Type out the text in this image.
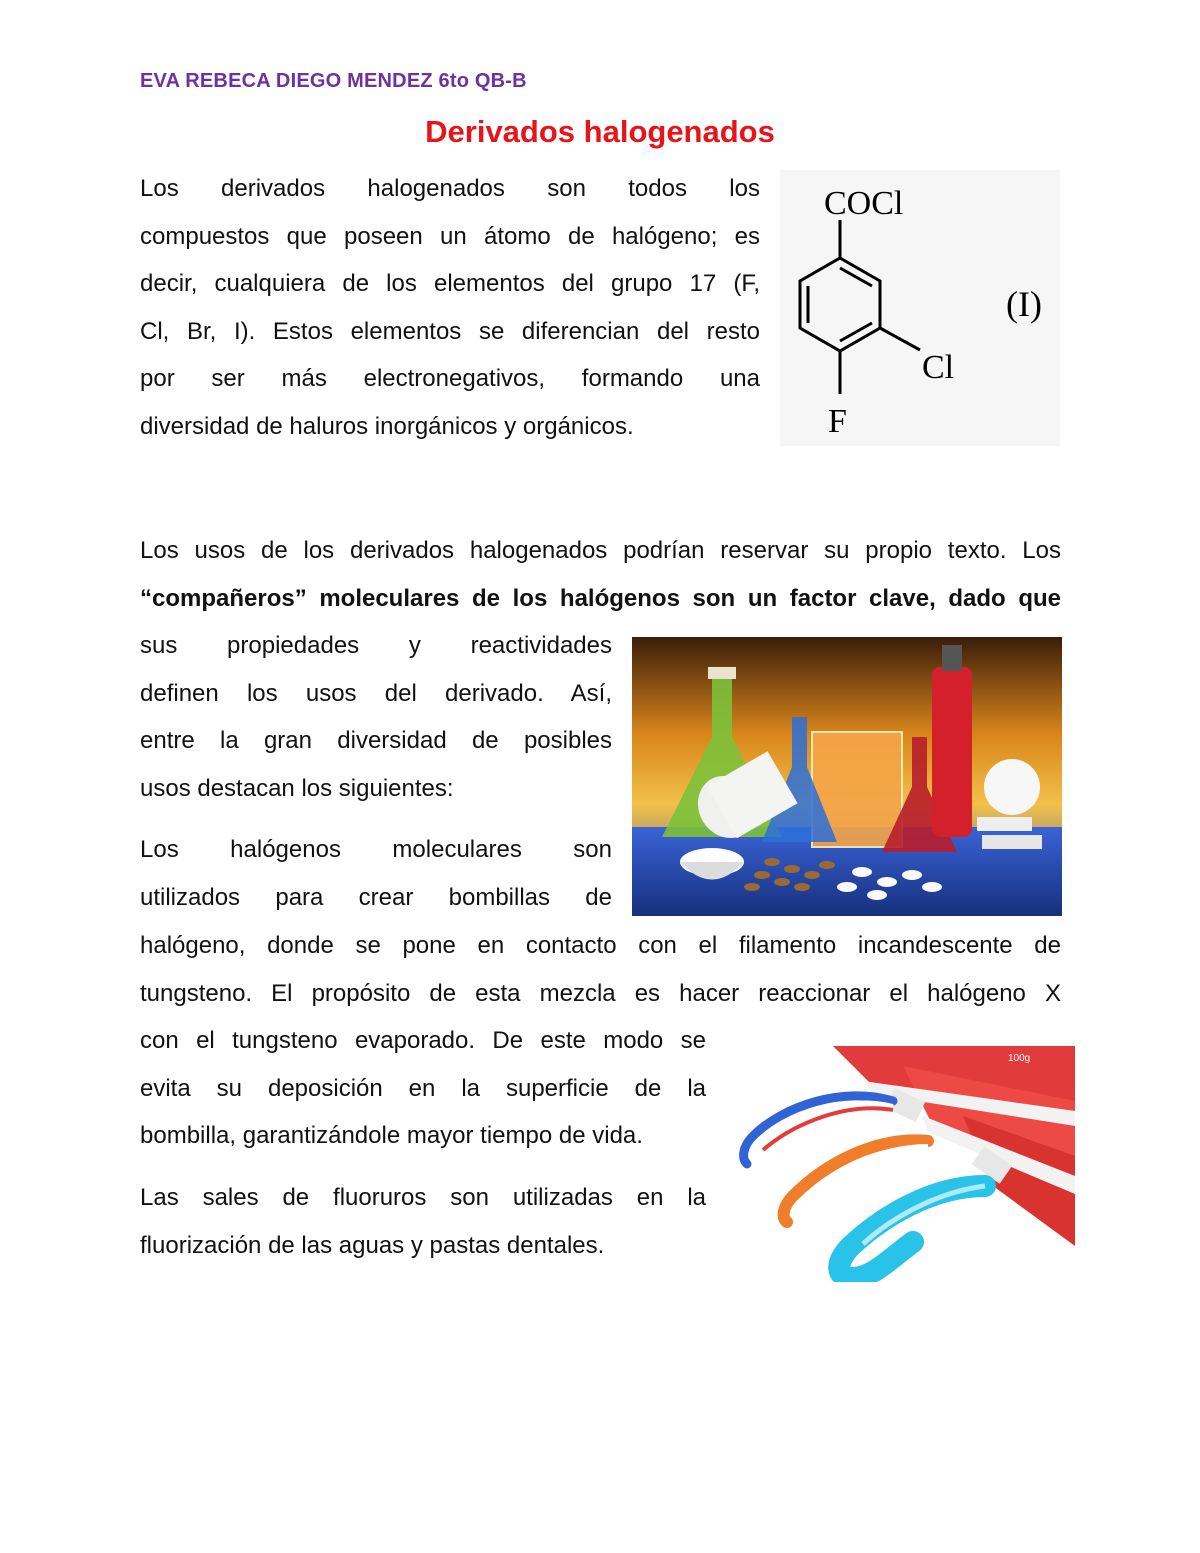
EVA REBECA DIEGO MENDEZ 6to QB-B
Derivados halogenados
Los derivados halogenados son todos los
compuestos que poseen un átomo de halógeno; es
decir, cualquiera de los elementos del grupo 17 (F,
Cl, Br, I). Estos elementos se diferencian del resto
por ser más electronegativos, formando una
diversidad de haluros inorgánicos y orgánicos.
COCl
Cl
F
(I)
Los usos de los derivados halogenados podrían reservar su propio texto. Los
“compañeros” moleculares de los halógenos son un factor clave, dado que
sus propiedades y reactividades
definen los usos del derivado. Así,
entre la gran diversidad de posibles
usos destacan los siguientes:
Los halógenos moleculares son
utilizados para crear bombillas de
halógeno, donde se pone en contacto con el filamento incandescente de
tungsteno. El propósito de esta mezcla es hacer reaccionar el halógeno X
con el tungsteno evaporado. De este modo se
evita su deposición en la superficie de la
bombilla, garantizándole mayor tiempo de vida.
Las sales de fluoruros son utilizadas en la
fluorización de las aguas y pastas dentales.
100g
